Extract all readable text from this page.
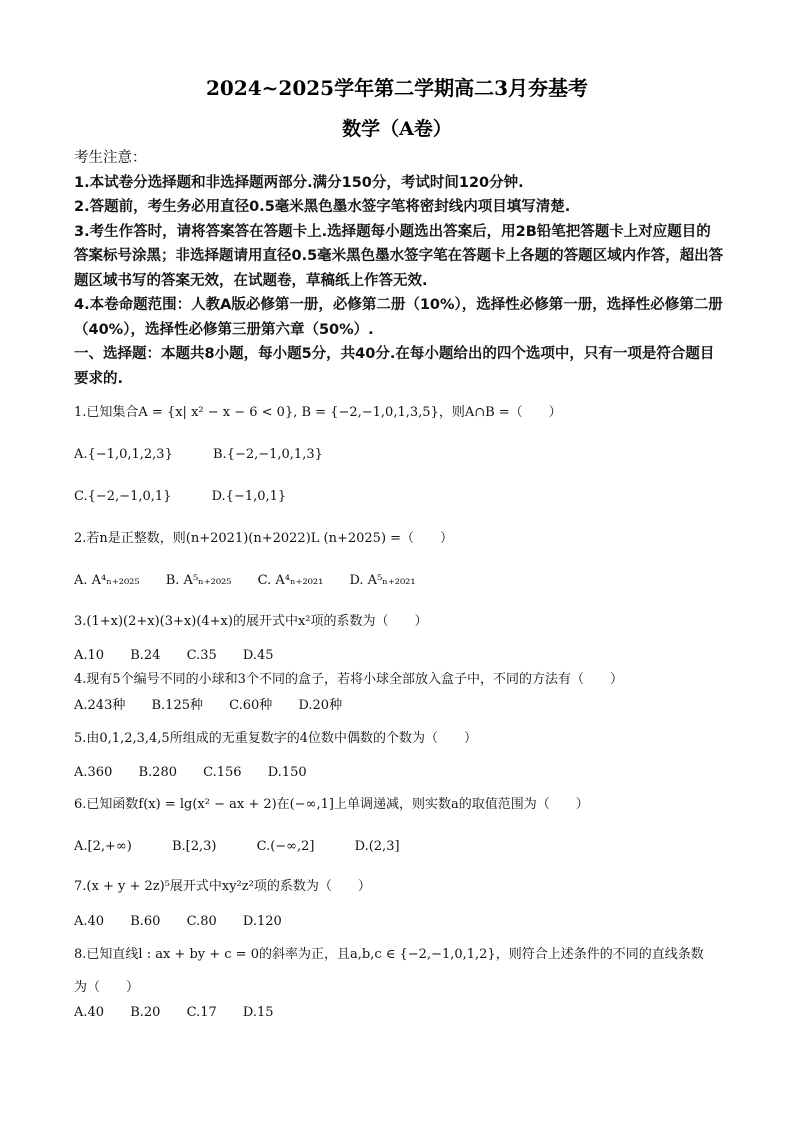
2024~2025学年第二学期高二3月夯基考
数学（A卷）
考生注意：
1.本试卷分选择题和非选择题两部分.满分150分，考试时间120分钟.
2.答题前，考生务必用直径0.5毫米黑色墨水签字笔将密封线内项目填写清楚.
3.考生作答时，请将答案答在答题卡上.选择题每小题选出答案后，用2B铅笔把答题卡上对应题目的答案标号涂黑；非选择题请用直径0.5毫米黑色墨水签字笔在答题卡上各题的答题区域内作答，超出答题区域书写的答案无效，在试题卷，草稿纸上作答无效.
4.本卷命题范围：人教A版必修第一册，必修第二册（10%），选择性必修第一册，选择性必修第二册（40%），选择性必修第三册第六章（50%）.
一、选择题：本题共8小题，每小题5分，共40分.在每小题给出的四个选项中，只有一项是符合题目要求的.
1.已知集合A = {x| x² − x − 6 < 0}, B = {−2,−1,0,1,3,5}，则A∩B =（　　）
A.{−1,0,1,2,3}	B.{−2,−1,0,1,3}
C.{−2,−1,0,1}	D.{−1,0,1}
2.若n是正整数，则(n+2021)(n+2022)L (n+2025) =（　　）
A. A⁴ₙ₊₂₀₂₅ B. A⁵ₙ₊₂₀₂₅ C. A⁴ₙ₊₂₀₂₁ D. A⁵ₙ₊₂₀₂₁
3.(1+x)(2+x)(3+x)(4+x)的展开式中x²项的系数为（　　）
A.10 B.24 C.35 D.45
4.现有5个编号不同的小球和3个不同的盒子，若将小球全部放入盒子中，不同的方法有（　　）
A.243种 B.125种 C.60种 D.20种
5.由0,1,2,3,4,5所组成的无重复数字的4位数中偶数的个数为（　　）
A.360 B.280 C.156 D.150
6.已知函数f(x) = lg(x² − ax + 2)在(−∞,1]上单调递减，则实数a的取值范围为（　　）
A.[2,+∞)	B.[2,3)	C.(−∞,2]	D.(2,3]
7.(x + y + 2z)⁵展开式中xy²z²项的系数为（　　）
A.40 B.60 C.80 D.120
8.已知直线l : ax + by + c = 0的斜率为正，且a,b,c ∈ {−2,−1,0,1,2}，则符合上述条件的不同的直线条数
为（　　）
A.40 B.20 C.17 D.15
